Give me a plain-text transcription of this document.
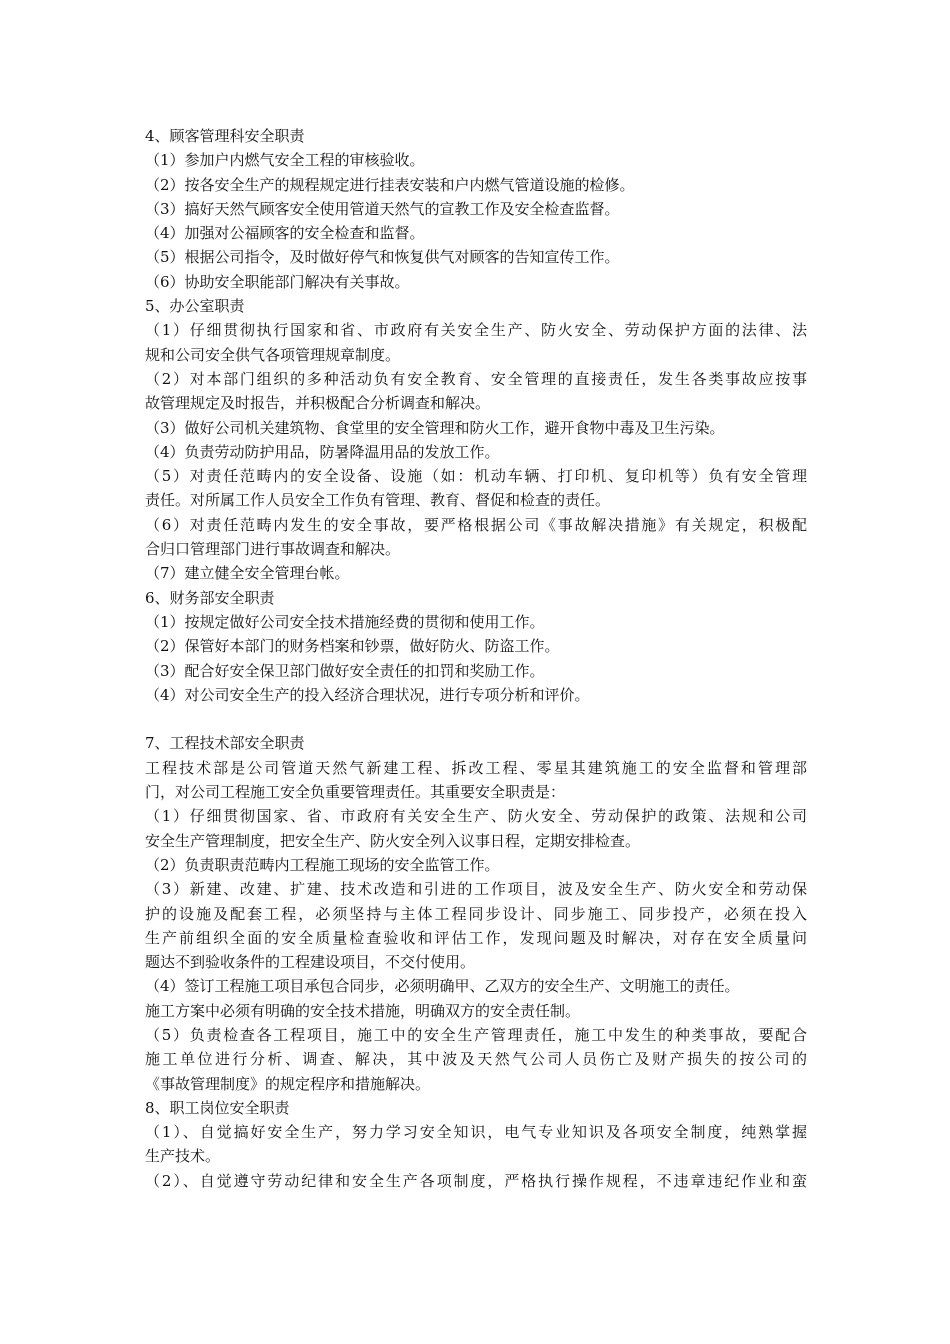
4、顾客管理科安全职责
（1）参加户内燃气安全工程的审核验收。
（2）按各安全生产的规程规定进行挂表安装和户内燃气管道设施的检修。
（3）搞好天然气顾客安全使用管道天然气的宣教工作及安全检查监督。
（4）加强对公福顾客的安全检查和监督。
（5）根据公司指令，及时做好停气和恢复供气对顾客的告知宣传工作。
（6）协助安全职能部门解决有关事故。
5、办公室职责
（1）仔细贯彻执行国家和省、市政府有关安全生产、防火安全、劳动保护方面的法律、法
规和公司安全供气各项管理规章制度。
（2）对本部门组织的多种活动负有安全教育、安全管理的直接责任，发生各类事故应按事
故管理规定及时报告，并积极配合分析调查和解决。
（3）做好公司机关建筑物、食堂里的安全管理和防火工作，避开食物中毒及卫生污染。
（4）负责劳动防护用品，防暑降温用品的发放工作。
（5）对责任范畴内的安全设备、设施（如：机动车辆、打印机、复印机等）负有安全管理
责任。对所属工作人员安全工作负有管理、教育、督促和检查的责任。
（6）对责任范畴内发生的安全事故，要严格根据公司《事故解决措施》有关规定，积极配
合归口管理部门进行事故调查和解决。
（7）建立健全安全管理台帐。
6、财务部安全职责
（1）按规定做好公司安全技术措施经费的贯彻和使用工作。
（2）保管好本部门的财务档案和钞票，做好防火、防盗工作。
（3）配合好安全保卫部门做好安全责任的扣罚和奖励工作。
（4）对公司安全生产的投入经济合理状况，进行专项分析和评价。
7、工程技术部安全职责
工程技术部是公司管道天然气新建工程、拆改工程、零星其建筑施工的安全监督和管理部
门，对公司工程施工安全负重要管理责任。其重要安全职责是：
（1）仔细贯彻国家、省、市政府有关安全生产、防火安全、劳动保护的政策、法规和公司
安全生产管理制度，把安全生产、防火安全列入议事日程，定期安排检查。
（2）负责职责范畴内工程施工现场的安全监管工作。
（3）新建、改建、扩建、技术改造和引进的工作项目，波及安全生产、防火安全和劳动保
护的设施及配套工程，必须坚持与主体工程同步设计、同步施工、同步投产，必须在投入
生产前组织全面的安全质量检查验收和评估工作，发现问题及时解决，对存在安全质量问
题达不到验收条件的工程建设项目，不交付使用。
（4）签订工程施工项目承包合同步，必须明确甲、乙双方的安全生产、文明施工的责任。
施工方案中必须有明确的安全技术措施，明确双方的安全责任制。
（5）负责检查各工程项目，施工中的安全生产管理责任，施工中发生的种类事故，要配合
施工单位进行分析、调查、解决，其中波及天然气公司人员伤亡及财产损失的按公司的
《事故管理制度》的规定程序和措施解决。
8、职工岗位安全职责
（1）、自觉搞好安全生产，努力学习安全知识，电气专业知识及各项安全制度，纯熟掌握
生产技术。
（2）、自觉遵守劳动纪律和安全生产各项制度，严格执行操作规程，不违章违纪作业和蛮
